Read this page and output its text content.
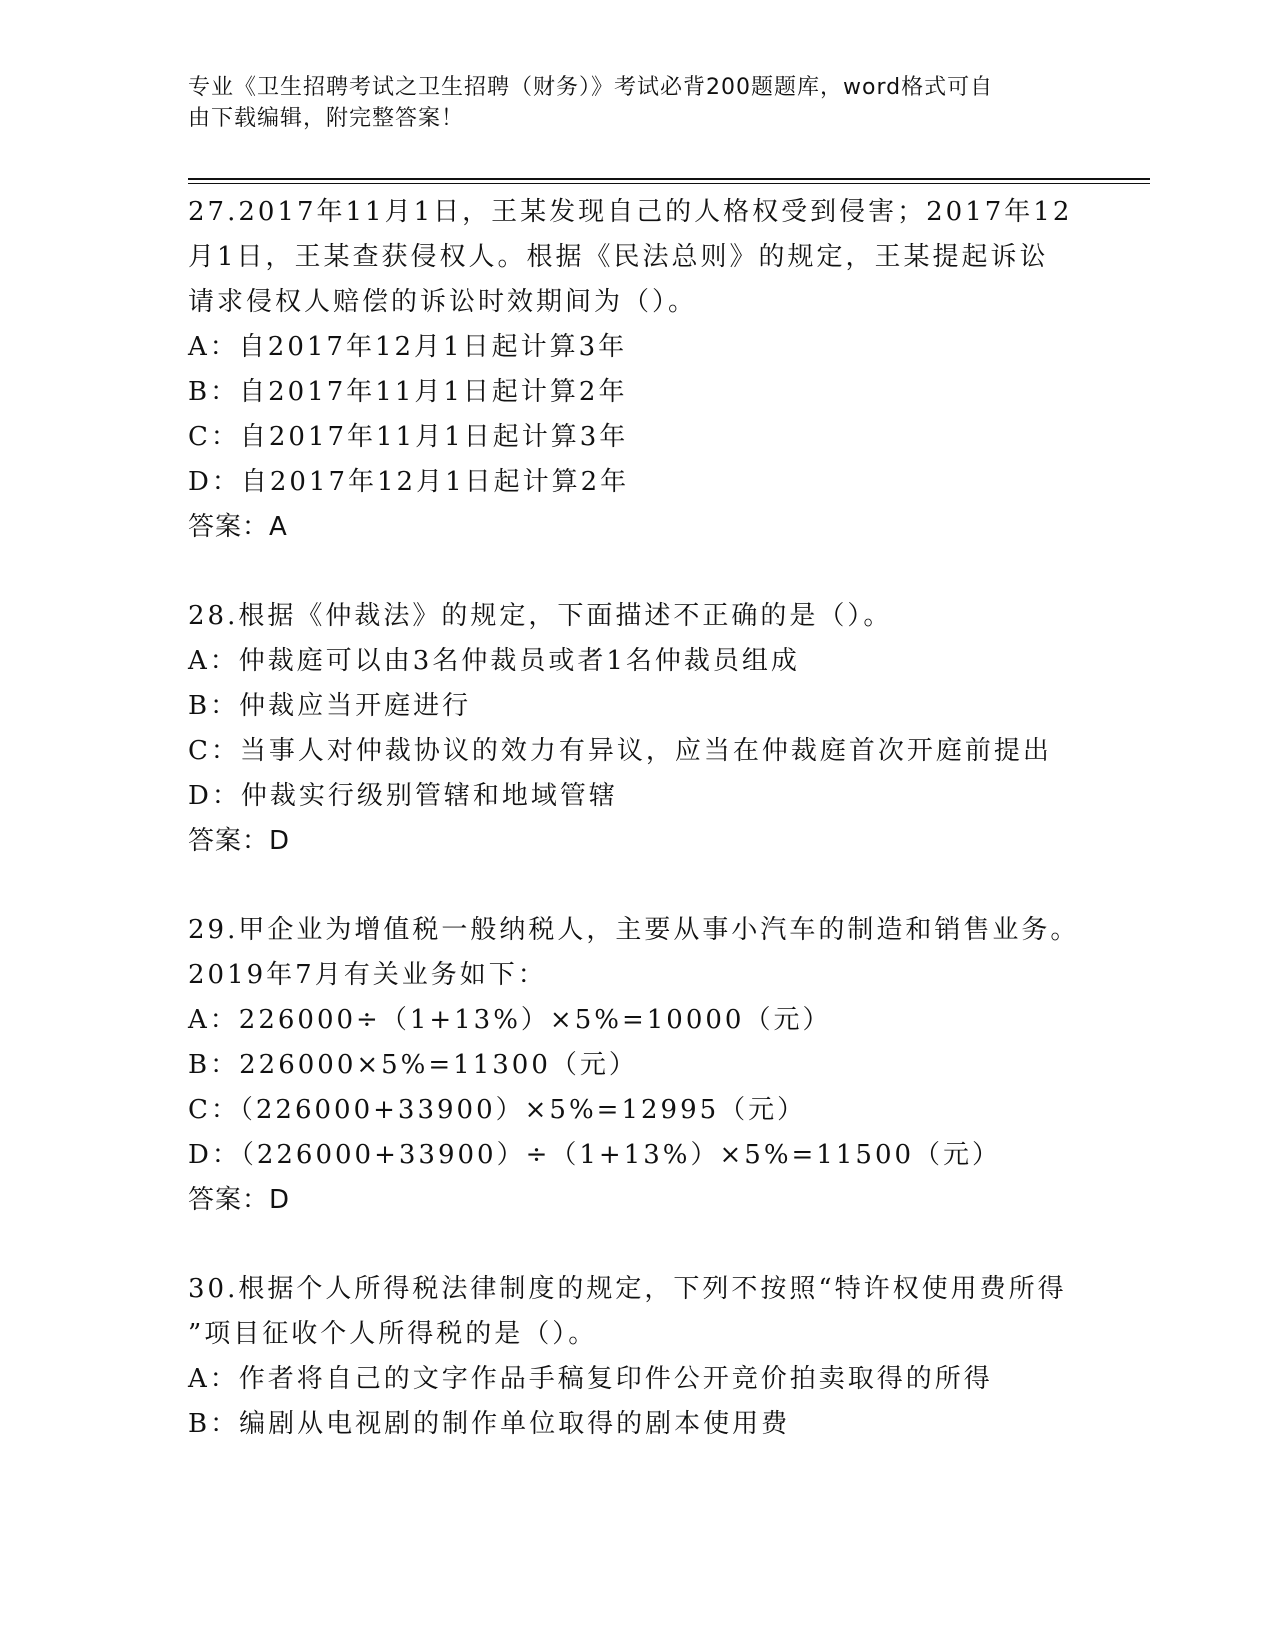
专业《卫生招聘考试之卫生招聘（财务）》考试必背200题题库，word格式可自
由下载编辑，附完整答案！
27.2017年11月1日，王某发现自己的人格权受到侵害；2017年12
月1日，王某查获侵权人。根据《民法总则》的规定，王某提起诉讼
请求侵权人赔偿的诉讼时效期间为（）。
A：自2017年12月1日起计算3年
B：自2017年11月1日起计算2年
C：自2017年11月1日起计算3年
D：自2017年12月1日起计算2年
答案：A
28.根据《仲裁法》的规定，下面描述不正确的是（）。
A：仲裁庭可以由3名仲裁员或者1名仲裁员组成
B：仲裁应当开庭进行
C：当事人对仲裁协议的效力有异议，应当在仲裁庭首次开庭前提出
D：仲裁实行级别管辖和地域管辖
答案：D
29.甲企业为增值税一般纳税人，主要从事小汽车的制造和销售业务。
2019年7月有关业务如下：
A：226000÷（1+13%）×5%=10000（元）
B：226000×5%=11300（元）
C：（226000+33900）×5%=12995（元）
D：（226000+33900）÷（1+13%）×5%=11500（元）
答案：D
30.根据个人所得税法律制度的规定，下列不按照“特许权使用费所得
”项目征收个人所得税的是（）。
A：作者将自己的文字作品手稿复印件公开竞价拍卖取得的所得
B：编剧从电视剧的制作单位取得的剧本使用费
